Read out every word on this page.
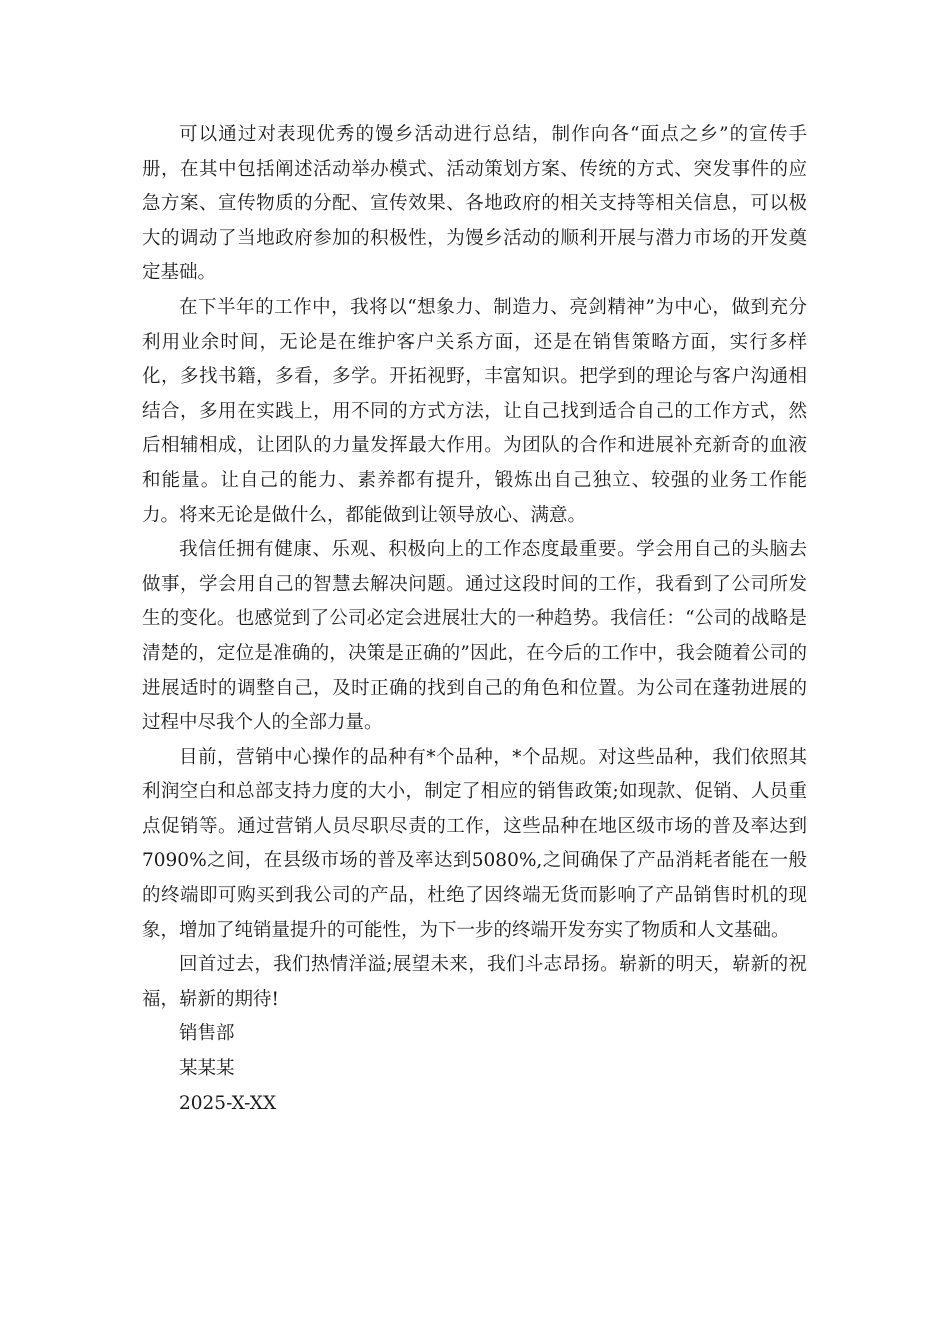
可以通过对表现优秀的馒乡活动进行总结，制作向各“面点之乡”的宣传手册，在其中包括阐述活动举办模式、活动策划方案、传统的方式、突发事件的应急方案、宣传物质的分配、宣传效果、各地政府的相关支持等相关信息，可以极大的调动了当地政府参加的积极性，为馒乡活动的顺利开展与潜力市场的开发奠定基础。

在下半年的工作中，我将以“想象力、制造力、亮剑精神”为中心，做到充分利用业余时间，无论是在维护客户关系方面，还是在销售策略方面，实行多样化，多找书籍，多看，多学。开拓视野，丰富知识。把学到的理论与客户沟通相结合，多用在实践上，用不同的方式方法，让自己找到适合自己的工作方式，然后相辅相成，让团队的力量发挥最大作用。为团队的合作和进展补充新奇的血液和能量。让自己的能力、素养都有提升，锻炼出自己独立、较强的业务工作能力。将来无论是做什么，都能做到让领导放心、满意。

我信任拥有健康、乐观、积极向上的工作态度最重要。学会用自己的头脑去做事，学会用自己的智慧去解决问题。通过这段时间的工作，我看到了公司所发生的变化。也感觉到了公司必定会进展壮大的一种趋势。我信任：“公司的战略是清楚的，定位是准确的，决策是正确的”因此，在今后的工作中，我会随着公司的进展适时的调整自己，及时正确的找到自己的角色和位置。为公司在蓬勃进展的过程中尽我个人的全部力量。

目前，营销中心操作的品种有*个品种，*个品规。对这些品种，我们依照其利润空白和总部支持力度的大小，制定了相应的销售政策;如现款、促销、人员重点促销等。通过营销人员尽职尽责的工作，这些品种在地区级市场的普及率达到7090%之间，在县级市场的普及率达到5080%,之间确保了产品消耗者能在一般的终端即可购买到我公司的产品，杜绝了因终端无货而影响了产品销售时机的现象，增加了纯销量提升的可能性，为下一步的终端开发夯实了物质和人文基础。

回首过去，我们热情洋溢;展望未来，我们斗志昂扬。崭新的明天，崭新的祝福，崭新的期待!

销售部
某某某
2025-X-XX
